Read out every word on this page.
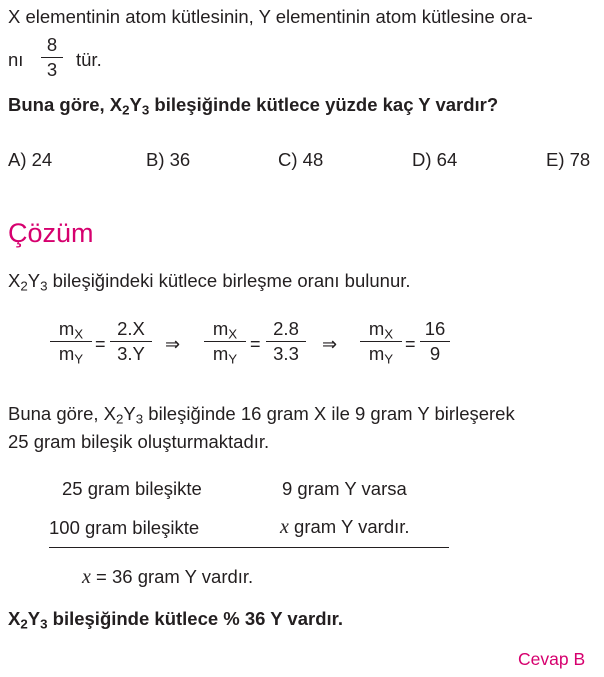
X elementinin atom kütlesinin, Y elementinin atom kütlesine ora-
nı
8
3	tür.
Buna göre, $X_2Y_3$ bileşiğinde kütlece yüzde kaç Y vardır?
A) 24	B) 36	C) 48	D) 64	E) 78
Çözüm
$X_2Y_3$ bileşiğindeki kütlece birleşme oranı bulunur.
$m_X$
$m_Y$
=
2.X
3.Y	⇒
$m_X$
$m_Y$
=
2.8
3.3	⇒
$m_X$
$m_Y$
=
16
9
Buna göre, $X_2Y_3$ bileşiğinde 16 gram X ile 9 gram Y birleşerek
25 gram bileşik oluşturmaktadır.
25 gram bileşikte	9 gram Y varsa
100 gram bileşikte	x gram Y vardır.
x = 36 gram Y vardır.
$X_2Y_3$ bileşiğinde kütlece % 36 Y vardır.
Cevap B
